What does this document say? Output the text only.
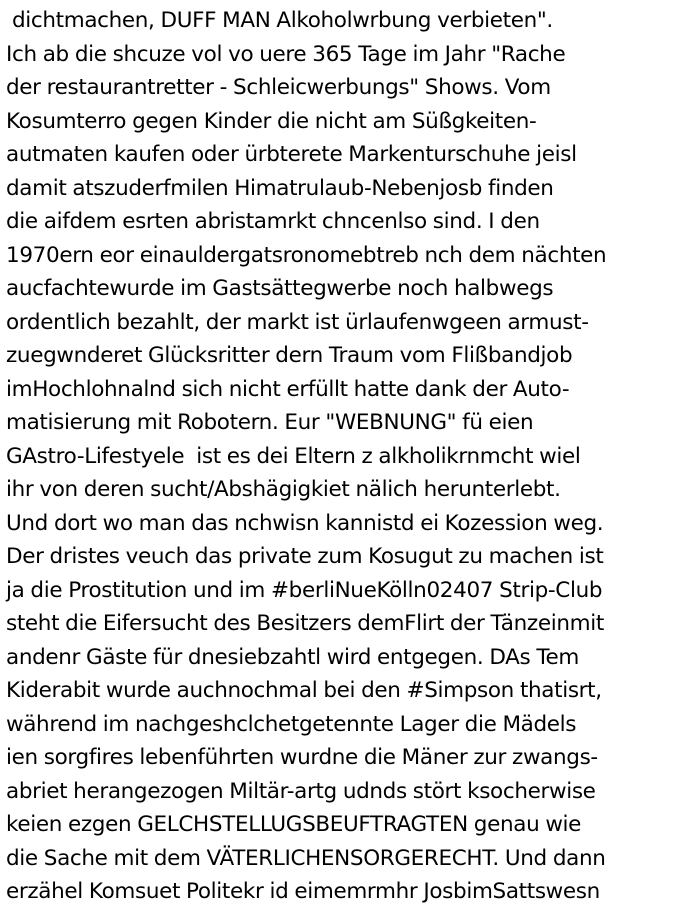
dichtmachen, DUFF MAN Alkoholwrbung verbieten".
Ich ab die shcuze vol vo uere 365 Tage im Jahr "Rache
der restaurantretter - Schleicwerbungs" Shows. Vom
Kosumterro gegen Kinder die nicht am Süßgkeiten-
autmaten kaufen oder ürbterete Markenturschuhe jeisl
damit atszuderfmilen Himatrulaub-Nebenjosb finden
die aifdem esrten abristamrkt chncenlso sind. I den
1970ern eor einauldergatsronomebtreb nch dem nächten
aucfachtewurde im Gastsättegwerbe noch halbwegs
ordentlich bezahlt, der markt ist ürlaufenwgeen armust-
zuegwnderet Glücksritter dern Traum vom Flißbandjob
imHochlohnalnd sich nicht erfüllt hatte dank der Auto-
matisierung mit Robotern. Eur "WEBNUNG" fü eien
GAstro-Lifestyele  ist es dei Eltern z alkholikrnmcht wiel
ihr von deren sucht/Abshägigkiet nälich herunterlebt.
Und dort wo man das nchwisn kannistd ei Kozession weg.
Der dristes veuch das private zum Kosugut zu machen ist
ja die Prostitution und im #berliNueKölln02407 Strip-Club
steht die Eifersucht des Besitzers demFlirt der Tänzeinmit
andenr Gäste für dnesiebzahtl wird entgegen. DAs Tem
Kiderabit wurde auchnochmal bei den #Simpson thatisrt,
während im nachgeshclchetgetennte Lager die Mädels
ien sorgfires lebenführten wurdne die Mäner zur zwangs-
abriet herangezogen Miltär-artg udnds stört ksocherwise
keien ezgen GELCHSTELLUGSBEUFTRAGTEN genau wie
die Sache mit dem VÄTERLICHENSORGERECHT. Und dann
erzähel Komsuet Politekr id eimemrmhr JosbimSattswesn
